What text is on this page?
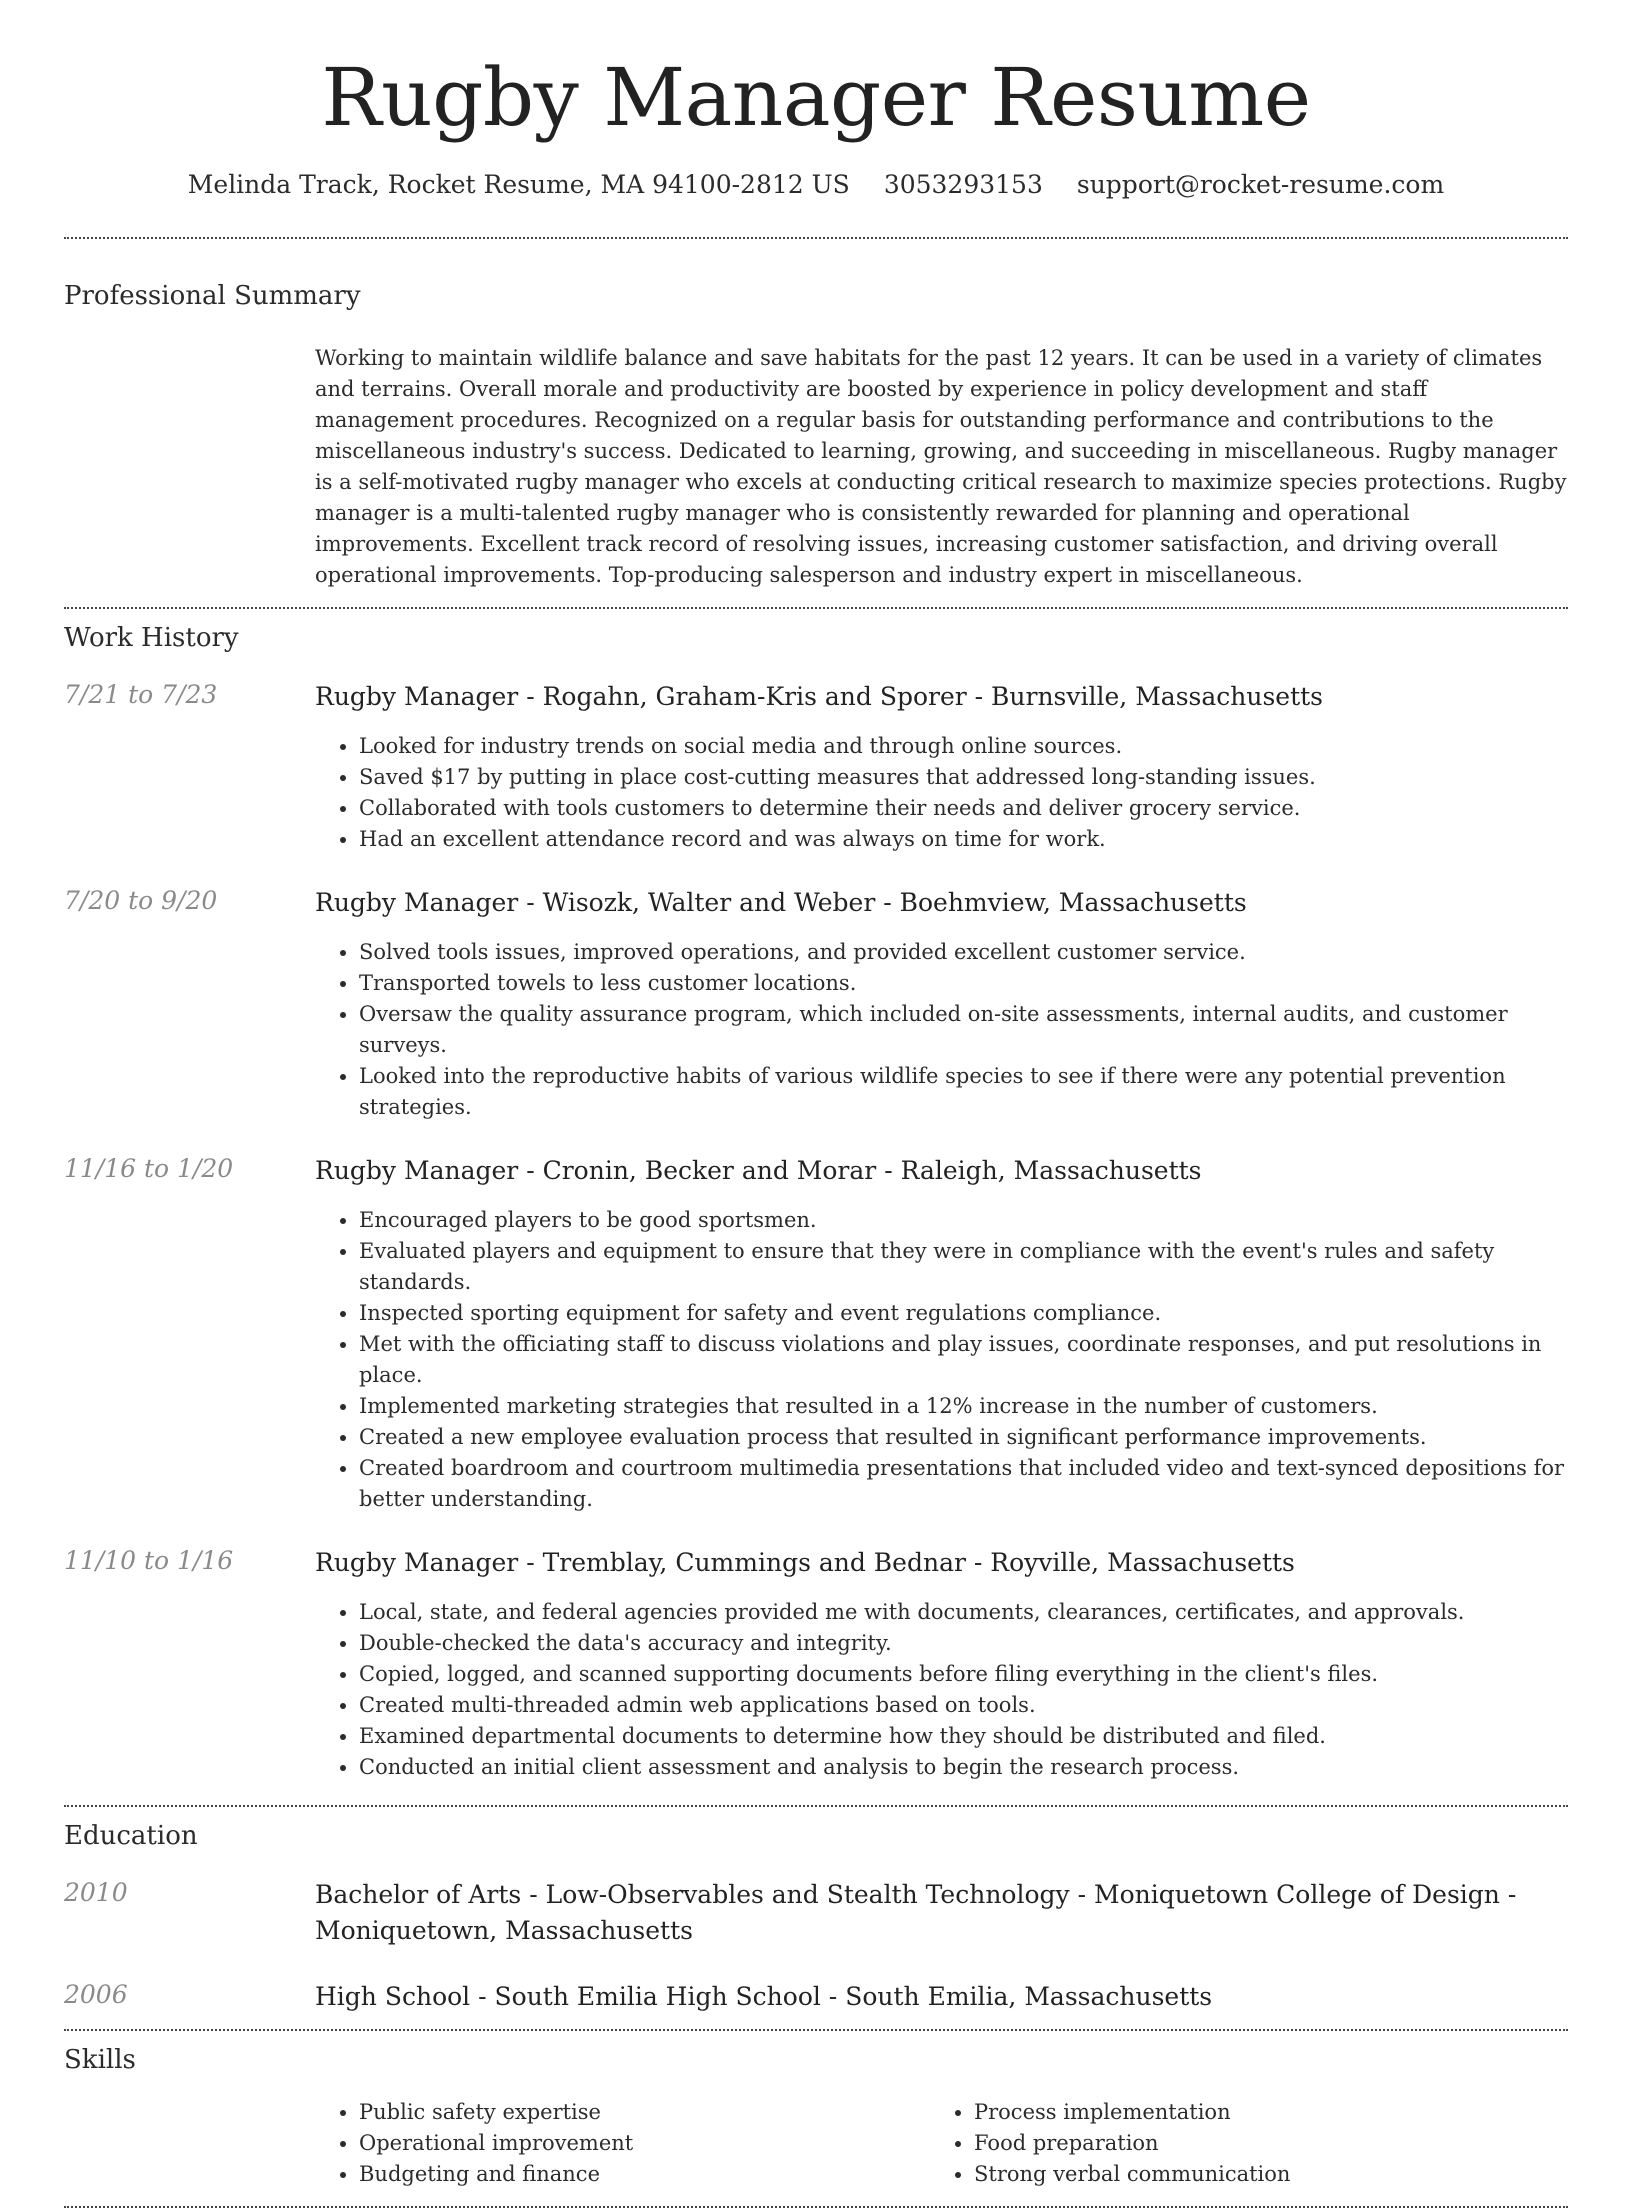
Rugby Manager Resume
Melinda Track, Rocket Resume, MA 94100-2812 US 3053293153 support@rocket-resume.com
Professional Summary
Working to maintain wildlife balance and save habitats for the past 12 years. It can be used in a variety of climates and terrains. Overall morale and productivity are boosted by experience in policy development and staff management procedures. Recognized on a regular basis for outstanding performance and contributions to the miscellaneous industry's success. Dedicated to learning, growing, and succeeding in miscellaneous. Rugby manager is a self-motivated rugby manager who excels at conducting critical research to maximize species protections. Rugby manager is a multi-talented rugby manager who is consistently rewarded for planning and operational improvements. Excellent track record of resolving issues, increasing customer satisfaction, and driving overall operational improvements. Top-producing salesperson and industry expert in miscellaneous.
Work History
7/21 to 7/23	Rugby Manager - Rogahn, Graham-Kris and Sporer - Burnsville, Massachusetts
• Looked for industry trends on social media and through online sources.
• Saved $17 by putting in place cost-cutting measures that addressed long-standing issues.
• Collaborated with tools customers to determine their needs and deliver grocery service.
• Had an excellent attendance record and was always on time for work.
7/20 to 9/20	Rugby Manager - Wisozk, Walter and Weber - Boehmview, Massachusetts
• Solved tools issues, improved operations, and provided excellent customer service.
• Transported towels to less customer locations.
• Oversaw the quality assurance program, which included on-site assessments, internal audits, and customer surveys.
• Looked into the reproductive habits of various wildlife species to see if there were any potential prevention strategies.
11/16 to 1/20	Rugby Manager - Cronin, Becker and Morar - Raleigh, Massachusetts
• Encouraged players to be good sportsmen.
• Evaluated players and equipment to ensure that they were in compliance with the event's rules and safety standards.
• Inspected sporting equipment for safety and event regulations compliance.
• Met with the officiating staff to discuss violations and play issues, coordinate responses, and put resolutions in place.
• Implemented marketing strategies that resulted in a 12% increase in the number of customers.
• Created a new employee evaluation process that resulted in significant performance improvements.
• Created boardroom and courtroom multimedia presentations that included video and text-synced depositions for better understanding.
11/10 to 1/16	Rugby Manager - Tremblay, Cummings and Bednar - Royville, Massachusetts
• Local, state, and federal agencies provided me with documents, clearances, certificates, and approvals.
• Double-checked the data's accuracy and integrity.
• Copied, logged, and scanned supporting documents before filing everything in the client's files.
• Created multi-threaded admin web applications based on tools.
• Examined departmental documents to determine how they should be distributed and filed.
• Conducted an initial client assessment and analysis to begin the research process.
Education
2010	Bachelor of Arts - Low-Observables and Stealth Technology - Moniquetown College of Design - Moniquetown, Massachusetts
2006	High School - South Emilia High School - South Emilia, Massachusetts
Skills
• Public safety expertise
• Operational improvement
• Budgeting and finance
• Process implementation
• Food preparation
• Strong verbal communication
